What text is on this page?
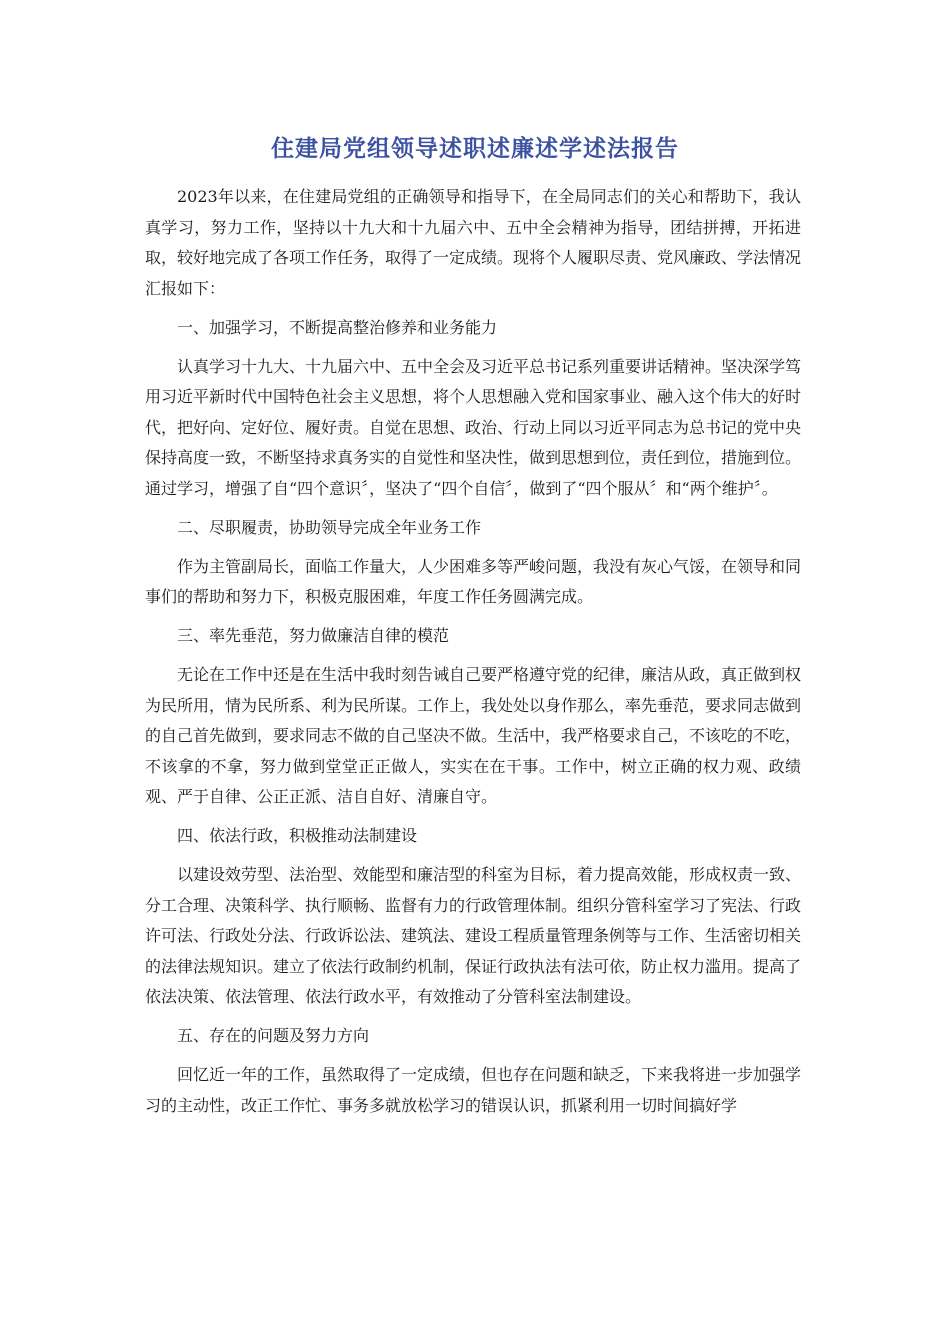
住建局党组领导述职述廉述学述法报告

2023年以来，在住建局党组的正确领导和指导下，在全局同志们的关心和帮助下，我认真学习，努力工作，坚持以十九大和十九届六中、五中全会精神为指导，团结拼搏，开拓进取，较好地完成了各项工作任务，取得了一定成绩。现将个人履职尽责、党风廉政、学法情况汇报如下：

一、加强学习，不断提高整治修养和业务能力

认真学习十九大、十九届六中、五中全会及习近平总书记系列重要讲话精神。坚决深学笃用习近平新时代中国特色社会主义思想，将个人思想融入党和国家事业、融入这个伟大的好时代，把好向、定好位、履好责。自觉在思想、政治、行动上同以习近平同志为总书记的党中央保持高度一致，不断坚持求真务实的自觉性和坚决性，做到思想到位，责任到位，措施到位。通过学习，增强了自“四个意识〞，坚决了“四个自信〞，做到了“四个服从〞和“两个维护〞。

二、尽职履责，协助领导完成全年业务工作

作为主管副局长，面临工作量大，人少困难多等严峻问题，我没有灰心气馁，在领导和同事们的帮助和努力下，积极克服困难，年度工作任务圆满完成。

三、率先垂范，努力做廉洁自律的模范

无论在工作中还是在生活中我时刻告诫自己要严格遵守党的纪律，廉洁从政，真正做到权为民所用，情为民所系、利为民所谋。工作上，我处处以身作那么，率先垂范，要求同志做到的自己首先做到，要求同志不做的自己坚决不做。生活中，我严格要求自己，不该吃的不吃，不该拿的不拿，努力做到堂堂正正做人，实实在在干事。工作中，树立正确的权力观、政绩观、严于自律、公正正派、洁自自好、清廉自守。

四、依法行政，积极推动法制建设

以建设效劳型、法治型、效能型和廉洁型的科室为目标，着力提高效能，形成权责一致、分工合理、决策科学、执行顺畅、监督有力的行政管理体制。组织分管科室学习了宪法、行政许可法、行政处分法、行政诉讼法、建筑法、建设工程质量管理条例等与工作、生活密切相关的法律法规知识。建立了依法行政制约机制，保证行政执法有法可依，防止权力滥用。提高了依法决策、依法管理、依法行政水平，有效推动了分管科室法制建设。

五、存在的问题及努力方向

回忆近一年的工作，虽然取得了一定成绩，但也存在问题和缺乏，下来我将进一步加强学习的主动性，改正工作忙、事务多就放松学习的错误认识，抓紧利用一切时间搞好学
